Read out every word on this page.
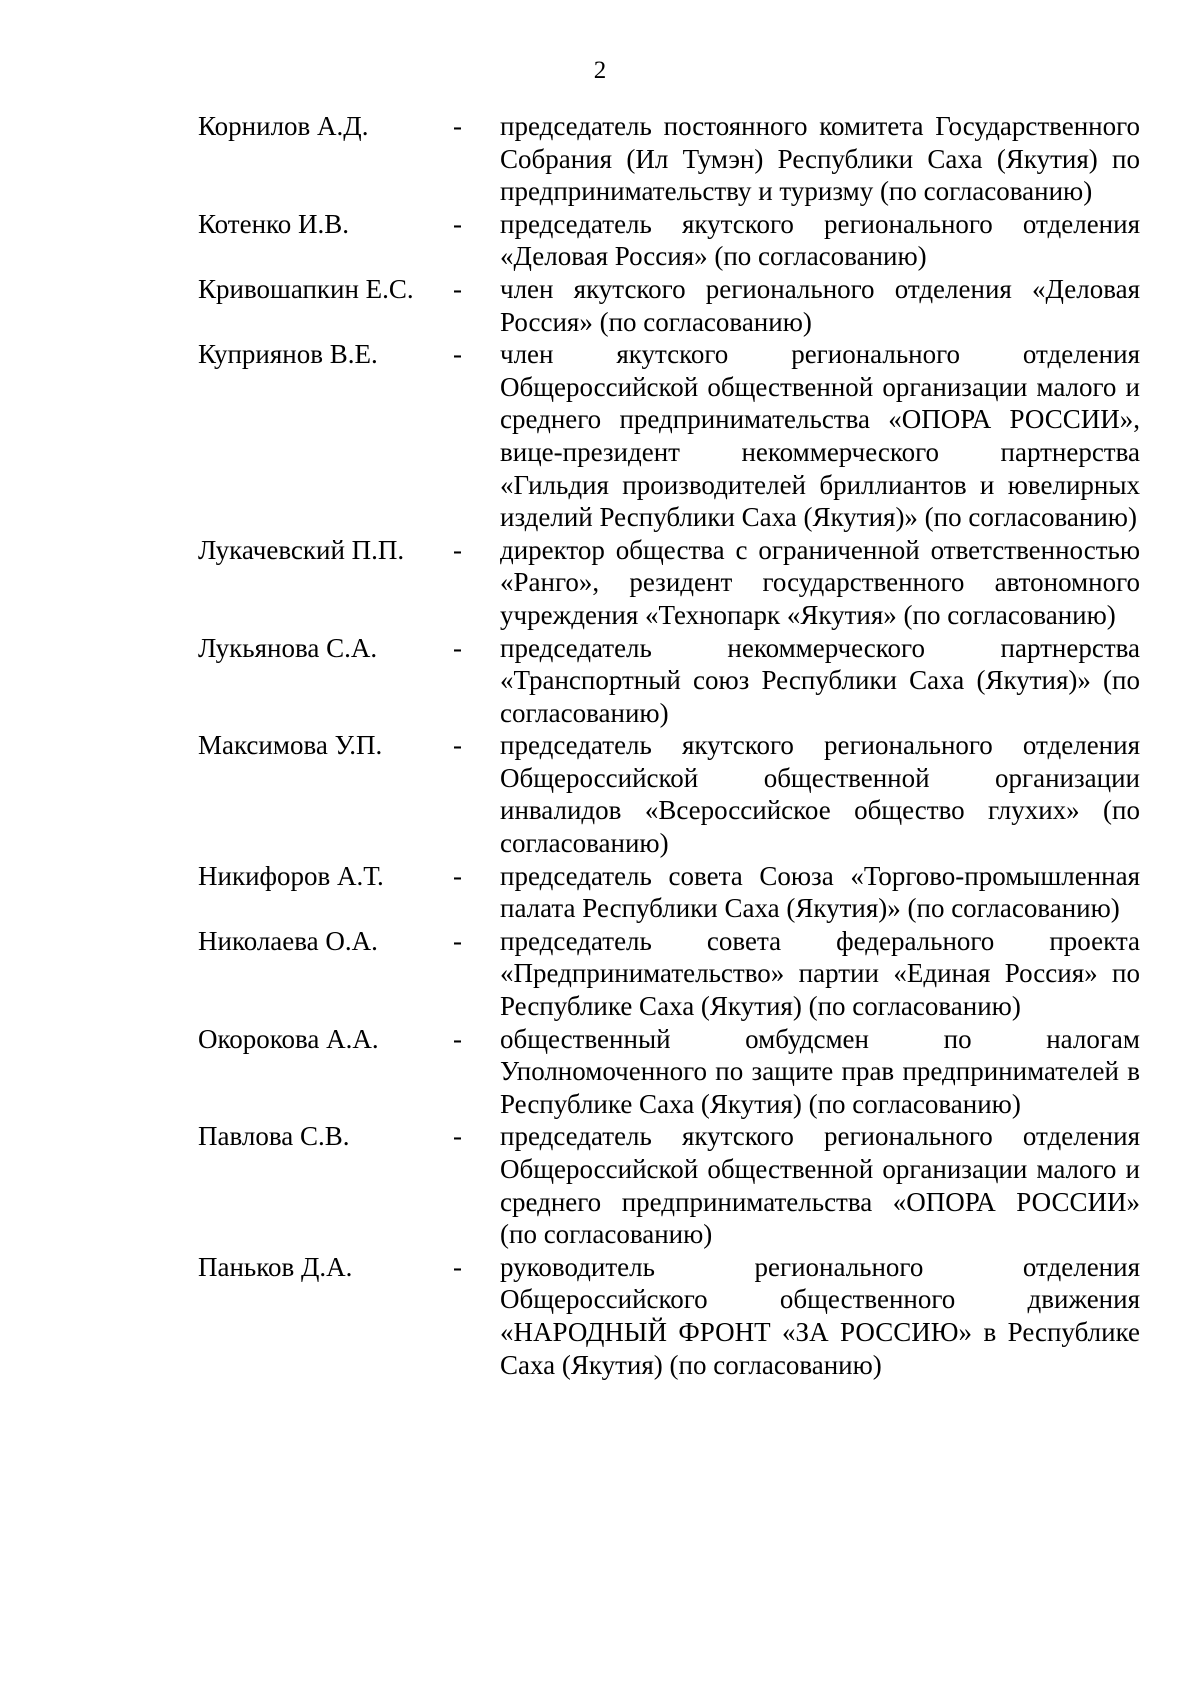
2
Корнилов А.Д.	-	председатель постоянного комитета Государственного Собрания (Ил Тумэн) Республики Саха (Якутия) по предпринимательству и туризму (по согласованию)
Котенко И.В.	-	председатель якутского регионального отделения «Деловая Россия» (по согласованию)
Кривошапкин Е.С.	-	член якутского регионального отделения «Деловая Россия» (по согласованию)
Куприянов В.Е.	-	член якутского регионального отделения Общероссийской общественной организации малого и среднего предпринимательства «ОПОРА РОССИИ», вице-президент некоммерческого партнерства «Гильдия производителей бриллиантов и ювелирных изделий Республики Саха (Якутия)» (по согласованию)
Лукачевский П.П.	-	директор общества с ограниченной ответственностью «Ранго», резидент государственного автономного учреждения «Технопарк «Якутия» (по согласованию)
Лукьянова С.А.	-	председатель некоммерческого партнерства «Транспортный союз Республики Саха (Якутия)» (по согласованию)
Максимова У.П.	-	председатель якутского регионального отделения Общероссийской общественной организации инвалидов «Всероссийское общество глухих» (по согласованию)
Никифоров А.Т.	-	председатель совета Союза «Торгово-промышленная палата Республики Саха (Якутия)» (по согласованию)
Николаева О.А.	-	председатель совета федерального проекта «Предпринимательство» партии «Единая Россия» по Республике Саха (Якутия) (по согласованию)
Окорокова А.А.	-	общественный омбудсмен по налогам Уполномоченного по защите прав предпринимателей в Республике Саха (Якутия) (по согласованию)
Павлова С.В.	-	председатель якутского регионального отделения Общероссийской общественной организации малого и среднего предпринимательства «ОПОРА РОССИИ» (по согласованию)
Паньков Д.А.	-	руководитель регионального отделения Общероссийского общественного движения «НАРОДНЫЙ ФРОНТ «ЗА РОССИЮ» в Республике Саха (Якутия) (по согласованию)
